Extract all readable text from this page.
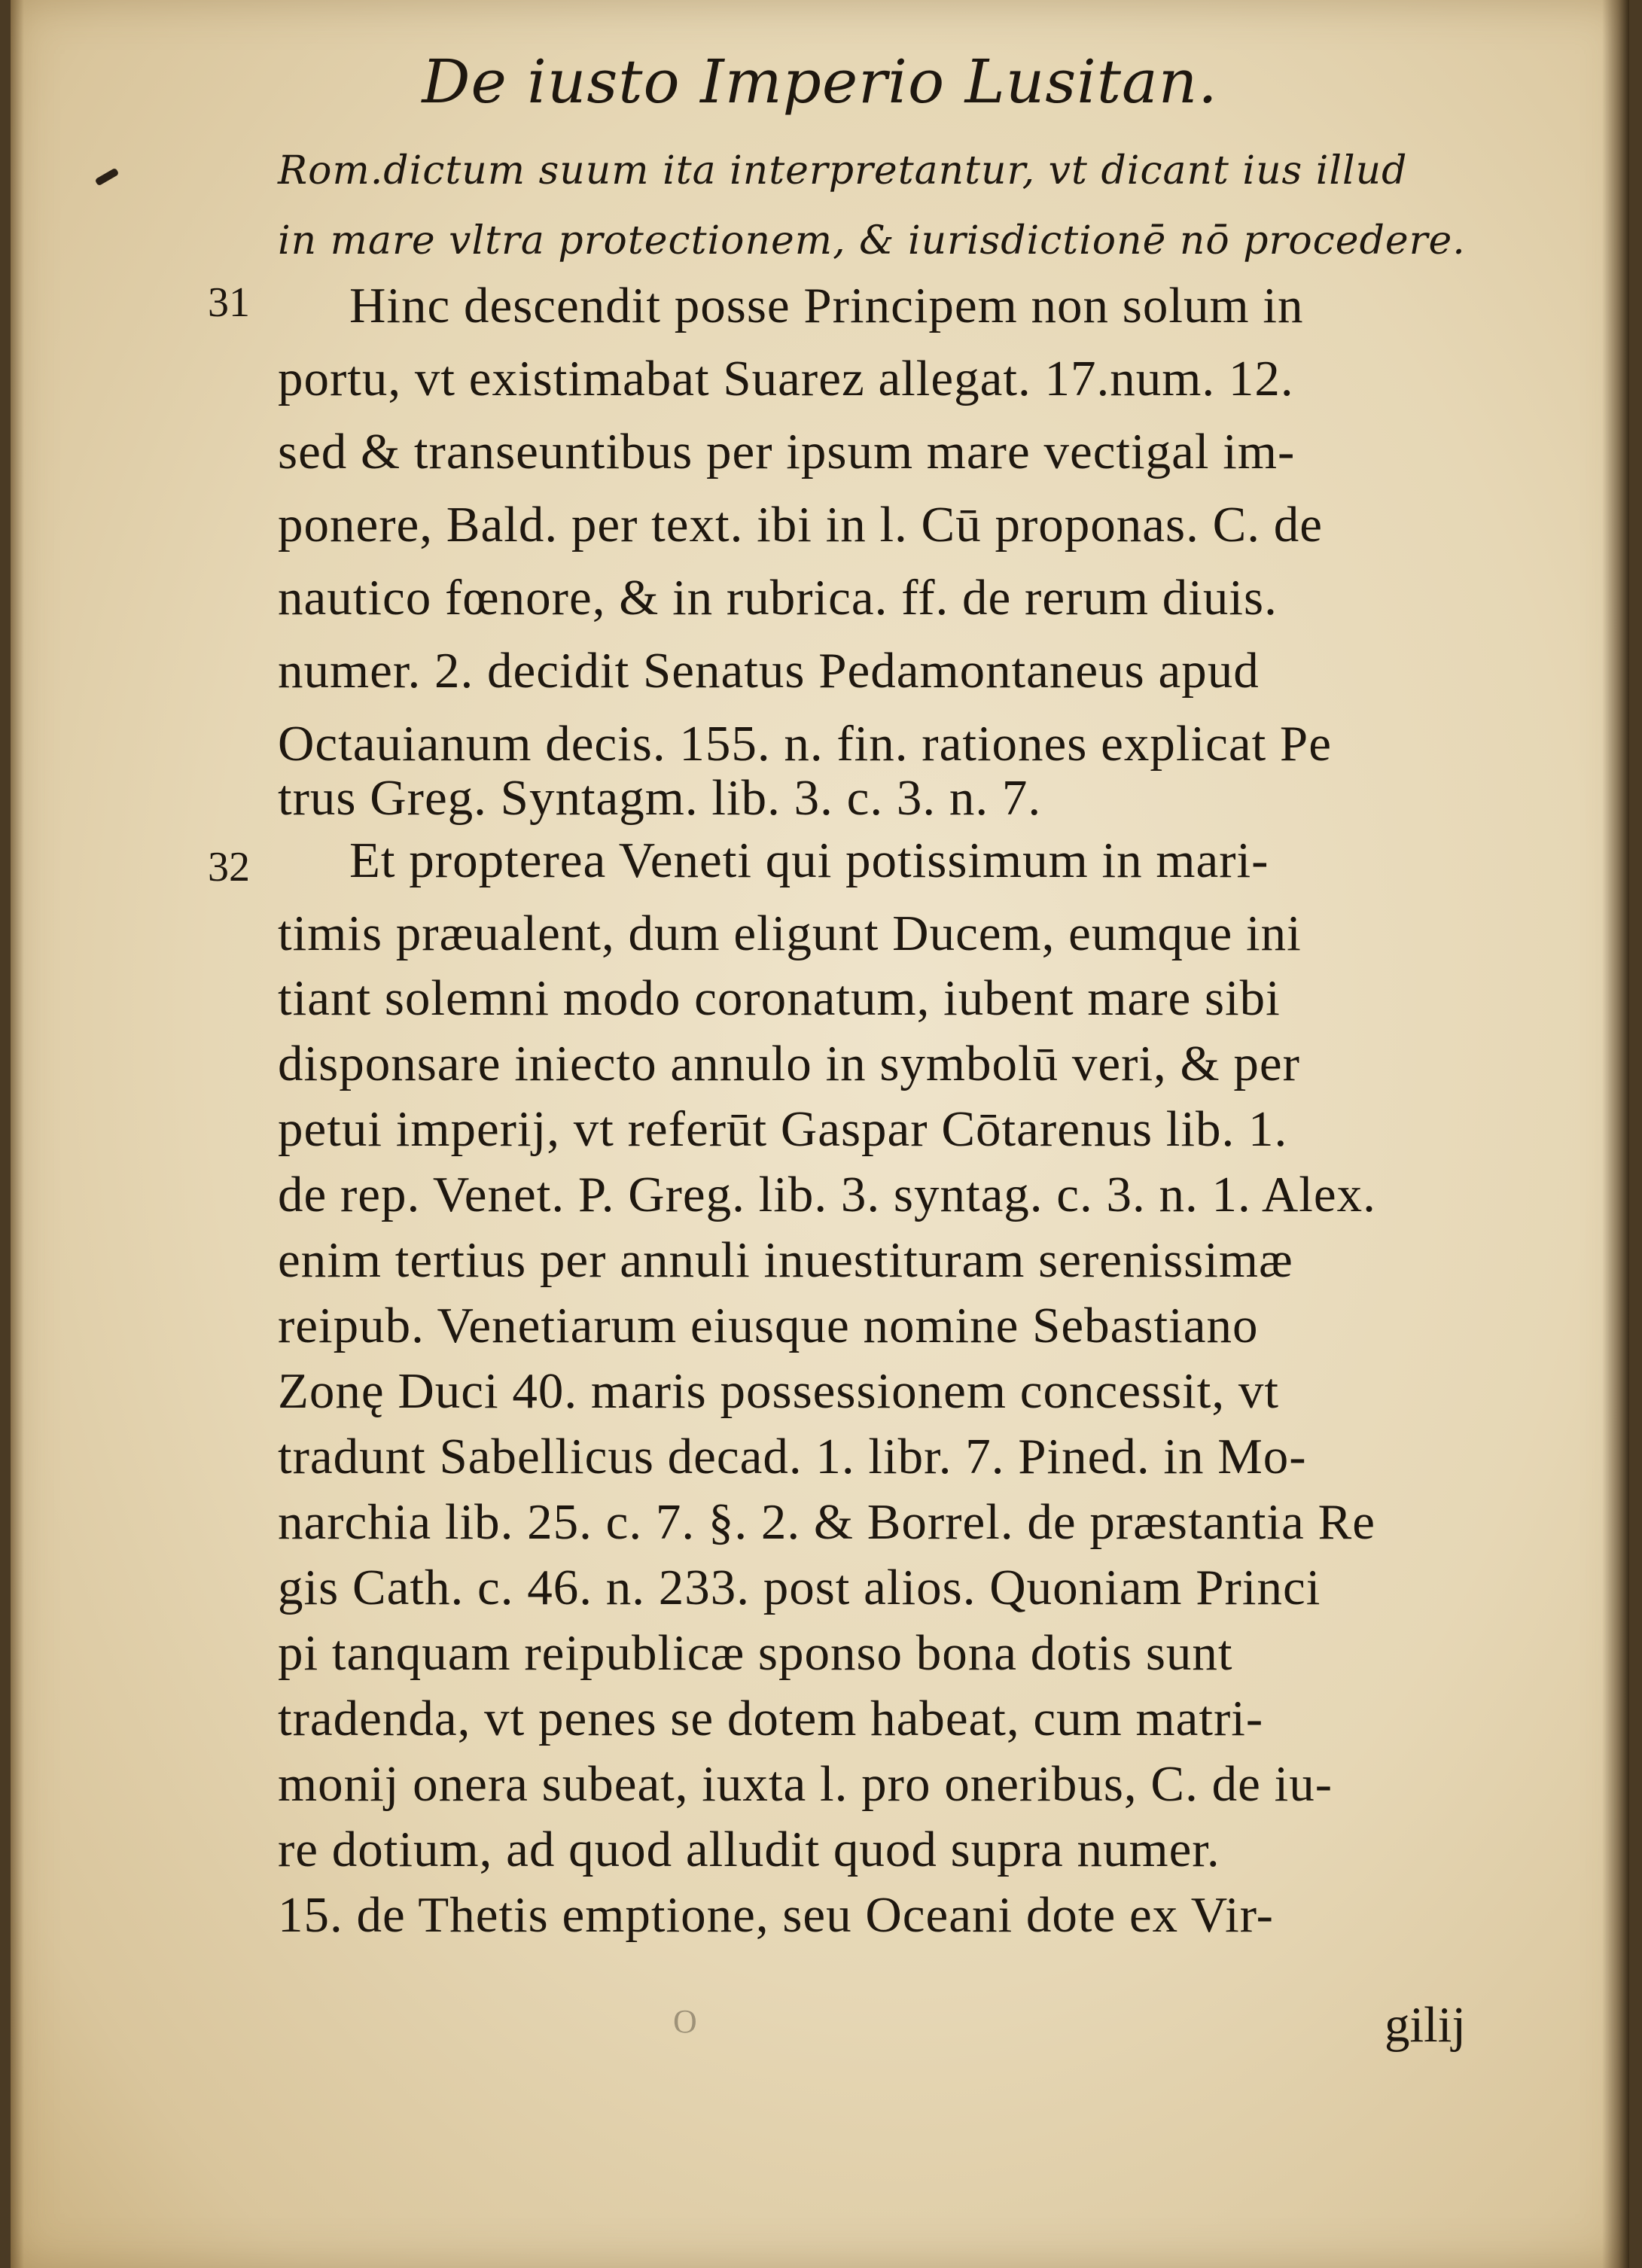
De iusto Imperio Lusitan.
Rom.dictum suum ita interpretantur, vt dicant ius illud
in mare vltra protectionem, & iurisdictionē nō procedere.
31 Hinc descendit posse Principem non solum in
portu, vt existimabat Suarez allegat. 17.num. 12.
sed & transeuntibus per ipsum mare vectigal im-
ponere, Bald. per text. ibi in l. Cū proponas. C. de
nautico fœnore, & in rubrica. ff. de rerum diuis.
numer. 2. decidit Senatus Pedamontaneus apud
Octauianum decis. 155. n. fin. rationes explicat Pe
trus Greg. Syntagm. lib. 3. c. 3. n. 7.
32 Et propterea Veneti qui potissimum in mari-
timis præualent, dum eligunt Ducem, eumque ini
tiant solemni modo coronatum, iubent mare sibi
disponsare iniecto annulo in symbolū veri, & per
petui imperij, vt referūt Gaspar Cōtarenus lib. 1.
de rep. Venet. P. Greg. lib. 3. syntag. c. 3. n. 1. Alex.
enim tertius per annuli inuestituram serenissimæ
reipub. Venetiarum eiusque nomine Sebastiano
Zonę Duci 40. maris possessionem concessit, vt
tradunt Sabellicus decad. 1. libr. 7. Pined. in Mo-
narchia lib. 25. c. 7. §. 2. & Borrel. de præstantia Re
gis Cath. c. 46. n. 233. post alios. Quoniam Princi
pi tanquam reipublicæ sponso bona dotis sunt
tradenda, vt penes se dotem habeat, cum matri-
monij onera subeat, iuxta l. pro oneribus, C. de iu-
re dotium, ad quod alludit quod supra numer.
15. de Thetis emptione, seu Oceani dote ex Vir-
O	gilij
